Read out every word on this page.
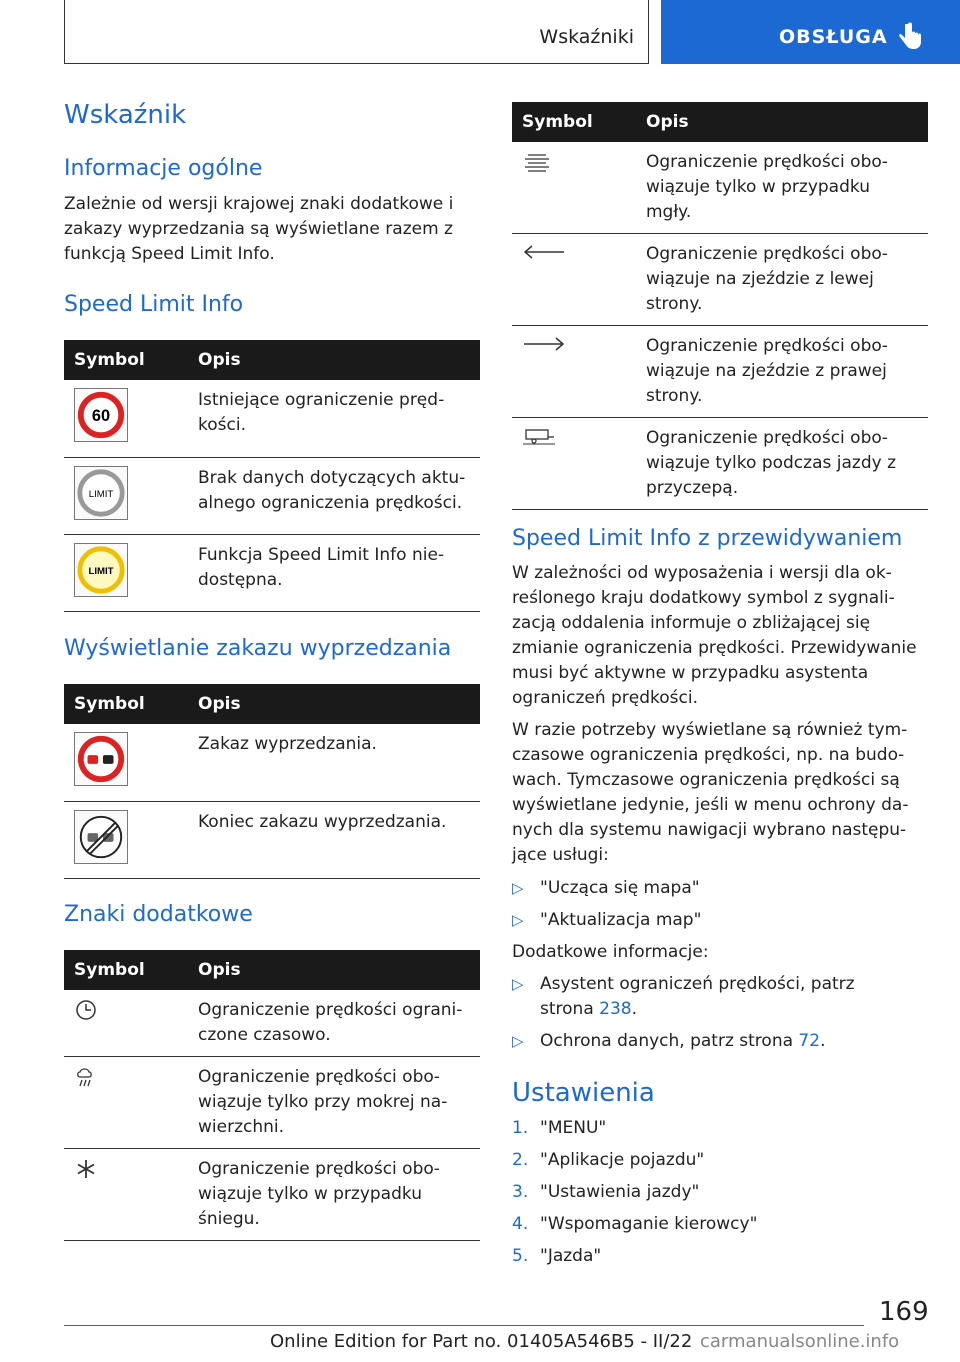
Wskaźniki	OBSŁUGA
Wskaźnik
Informacje ogólne
Zależnie od wersji krajowej znaki dodatkowe i zakazy wyprzedzania są wyświetlane razem z funkcją Speed Limit Info.
Speed Limit Info
Symbol	Opis

60	Istniejące ograniczenie prędkości.

LIMIT	Brak danych dotyczących aktualnego ograniczenia prędkości.

LIMIT	Funkcja Speed Limit Info niedostępna.
Wyświetlanie zakazu wyprzedzania
Symbol	Opis

	Zakaz wyprzedzania.

	Koniec zakazu wyprzedzania.
Znaki dodatkowe
Symbol	Opis
	Ograniczenie prędkości ograniczone czasowo.
	Ograniczenie prędkości obowiązuje tylko przy mokrej nawierzchni.
	Ograniczenie prędkości obowiązuje tylko w przypadku śniegu.
Symbol	Opis
	Ograniczenie prędkości obowiązuje tylko w przypadku mgły.
	Ograniczenie prędkości obowiązuje na zjeździe z lewej strony.
	Ograniczenie prędkości obowiązuje na zjeździe z prawej strony.
	Ograniczenie prędkości obowiązuje tylko podczas jazdy z przyczepą.
Speed Limit Info z przewidywaniem
W zależności od wyposażenia i wersji dla określonego kraju dodatkowy symbol z sygnalizacją oddalenia informuje o zbliżającej się zmianie ograniczenia prędkości. Przewidywanie musi być aktywne w przypadku asystenta ograniczeń prędkości.
W razie potrzeby wyświetlane są również tymczasowe ograniczenia prędkości, np. na budowach. Tymczasowe ograniczenia prędkości są wyświetlane jedynie, jeśli w menu ochrony danych dla systemu nawigacji wybrano następujące usługi:
▷ "Ucząca się mapa"
▷ "Aktualizacja map"
Dodatkowe informacje:
▷ Asystent ograniczeń prędkości, patrz strona 238.
▷ Ochrona danych, patrz strona 72.
Ustawienia
1. "MENU"
2. "Aplikacje pojazdu"
3. "Ustawienia jazdy"
4. "Wspomaganie kierowcy"
5. "Jazda"
169
Online Edition for Part no. 01405A546B5 - II/22 carmanualsonline.info
